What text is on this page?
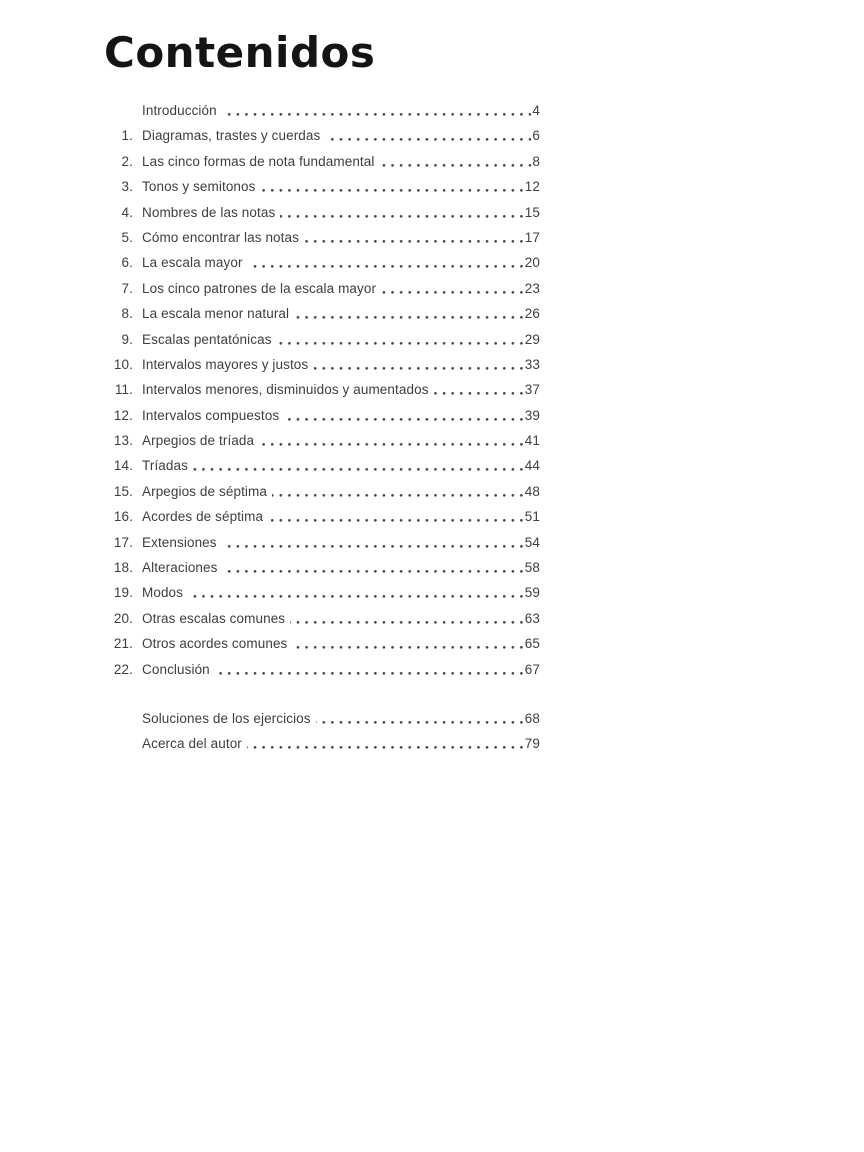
Contenidos
Introducción	4
1. Diagramas, trastes y cuerdas	6
2. Las cinco formas de nota fundamental	8
3. Tonos y semitonos	12
4. Nombres de las notas	15
5. Cómo encontrar las notas	17
6. La escala mayor	20
7. Los cinco patrones de la escala mayor	23
8. La escala menor natural	26
9. Escalas pentatónicas	29
10. Intervalos mayores y justos	33
11. Intervalos menores, disminuidos y aumentados	37
12. Intervalos compuestos	39
13. Arpegios de tríada	41
14. Tríadas	44
15. Arpegios de séptima	48
16. Acordes de séptima	51
17. Extensiones	54
18. Alteraciones	58
19. Modos	59
20. Otras escalas comunes	63
21. Otros acordes comunes	65
22. Conclusión	67
Soluciones de los ejercicios	68
Acerca del autor	79
